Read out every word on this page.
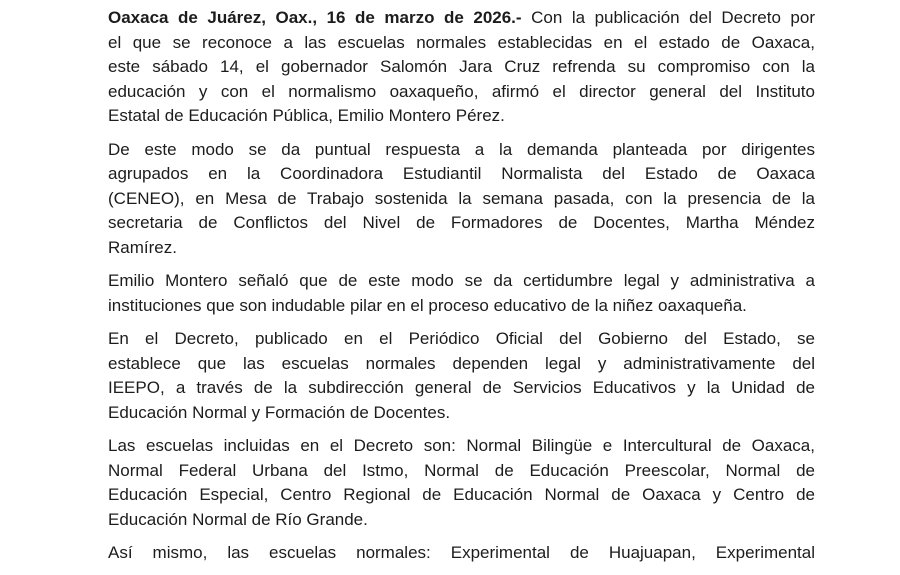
Oaxaca de Juárez, Oax., 16 de marzo de 2026.- Con la publicación del Decreto por
el que se reconoce a las escuelas normales establecidas en el estado de Oaxaca,
este sábado 14, el gobernador Salomón Jara Cruz refrenda su compromiso con la
educación y con el normalismo oaxaqueño, afirmó el director general del Instituto
Estatal de Educación Pública, Emilio Montero Pérez.
De este modo se da puntual respuesta a la demanda planteada por dirigentes
agrupados en la Coordinadora Estudiantil Normalista del Estado de Oaxaca
(CENEO), en Mesa de Trabajo sostenida la semana pasada, con la presencia de la
secretaria de Conflictos del Nivel de Formadores de Docentes, Martha Méndez
Ramírez.
Emilio Montero señaló que de este modo se da certidumbre legal y administrativa a
instituciones que son indudable pilar en el proceso educativo de la niñez oaxaqueña.
En el Decreto, publicado en el Periódico Oficial del Gobierno del Estado, se
establece que las escuelas normales dependen legal y administrativamente del
IEEPO, a través de la subdirección general de Servicios Educativos y la Unidad de
Educación Normal y Formación de Docentes.
Las escuelas incluidas en el Decreto son: Normal Bilingüe e Intercultural de Oaxaca,
Normal Federal Urbana del Istmo, Normal de Educación Preescolar, Normal de
Educación Especial, Centro Regional de Educación Normal de Oaxaca y Centro de
Educación Normal de Río Grande.
Así mismo, las escuelas normales: Experimental de Huajuapan, Experimental
